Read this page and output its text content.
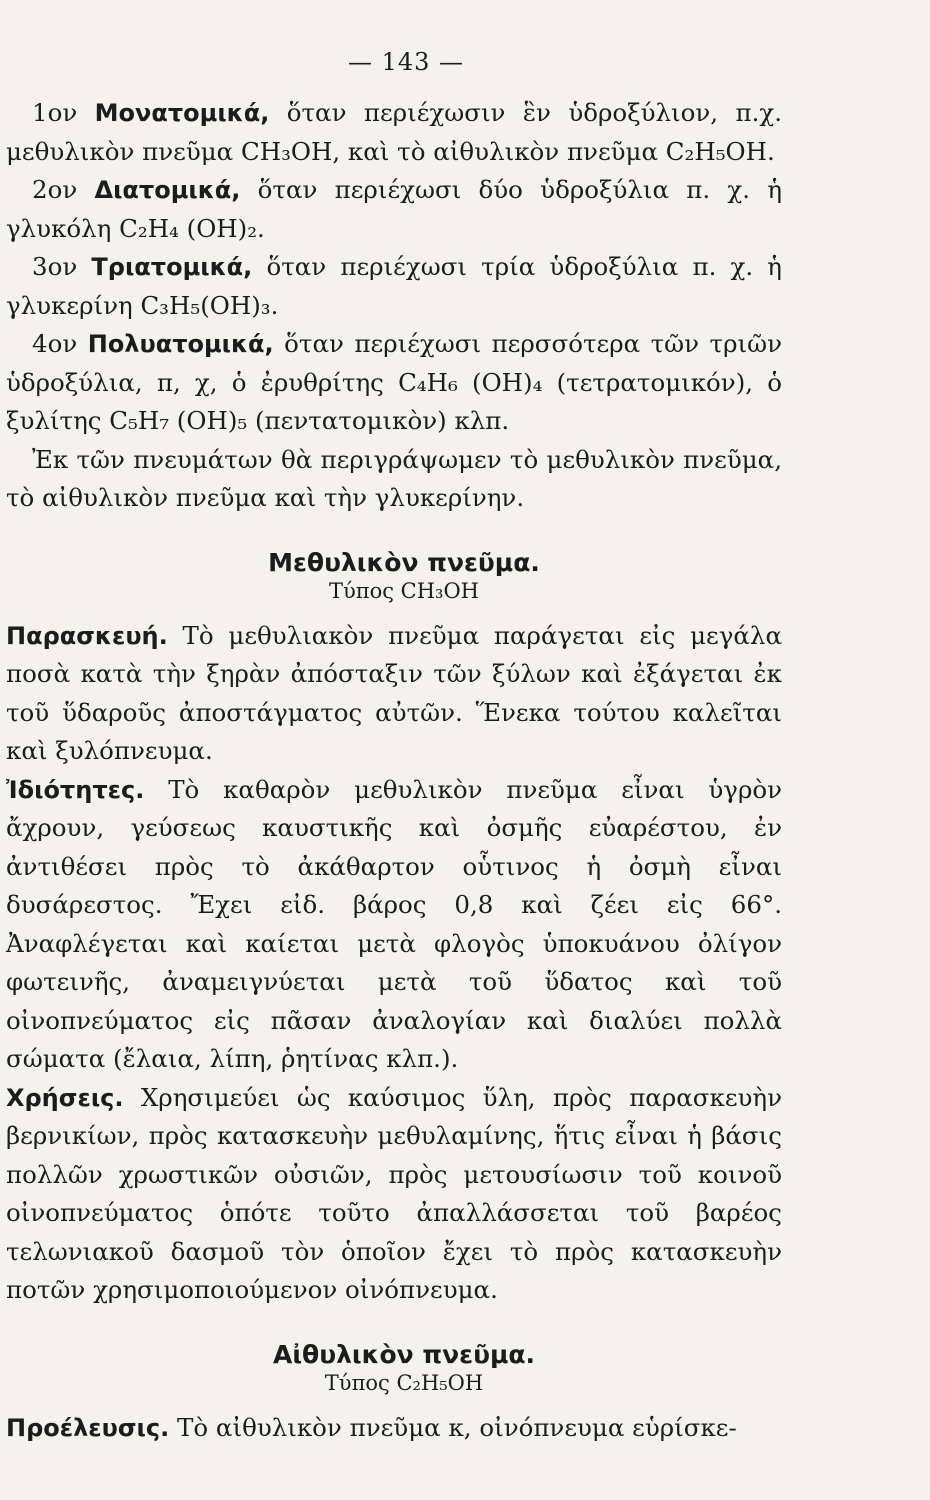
— 143 —

1ον Μονατομικά, ὅταν περιέχωσιν ἓν ὑδροξύλιον, π.χ. μεθυλικὸν πνεῦμα CH₃OH, καὶ τὸ αἰθυλικὸν πνεῦμα C₂H₅OH.

2ον Διατομικά, ὅταν περιέχωσι δύο ὑδροξύλια π. χ. ἡ γλυκόλη C₂H₄ (OH)₂.

3ον Τριατομικά, ὅταν περιέχωσι τρία ὑδροξύλια π. χ. ἡ γλυκερίνη C₃H₅(OH)₃.

4ον Πολυατομικά, ὅταν περιέχωσι περσσότερα τῶν τριῶν ὑδροξύλια, π, χ, ὁ ἐρυθρίτης C₄H₆ (OH)₄ (τετρατομικόν), ὁ ξυλίτης C₅H₇ (OH)₅ (πεντατομικὸν) κλπ.

Ἐκ τῶν πνευμάτων θὰ περιγράψωμεν τὸ μεθυλικὸν πνεῦμα, τὸ αἰθυλικὸν πνεῦμα καὶ τὴν γλυκερίνην.

Μεθυλικὸν πνεῦμα.
Τύπος CH₃OH

Παρασκευή. Τὸ μεθυλιακὸν πνεῦμα παράγεται εἰς μεγάλα ποσὰ κατὰ τὴν ξηρὰν ἀπόσταξιν τῶν ξύλων καὶ ἐξάγεται ἐκ τοῦ ὕδαροῦς ἀποστάγματος αὐτῶν. Ἕνεκα τούτου καλεῖται καὶ ξυλόπνευμα.

Ἰδιότητες. Τὸ καθαρὸν μεθυλικὸν πνεῦμα εἶναι ὑγρὸν ἄχρουν, γεύσεως καυστικῆς καὶ ὀσμῆς εὐαρέστου, ἐν ἀντιθέσει πρὸς τὸ ἀκάθαρτον οὗτινος ἡ ὀσμὴ εἶναι δυσάρεστος. Ἔχει εἰδ. βάρος 0,8 καὶ ζέει εἰς 66°. Ἀναφλέγεται καὶ καίεται μετὰ φλογὸς ὑποκυάνου ὀλίγον φωτεινῆς, ἀναμειγνύεται μετὰ τοῦ ὕδατος καὶ τοῦ οἰνοπνεύματος εἰς πᾶσαν ἀναλογίαν καὶ διαλύει πολλὰ σώματα (ἔλαια, λίπη, ῥητίνας κλπ.).

Χρήσεις. Χρησιμεύει ὡς καύσιμος ὕλη, πρὸς παρασκευὴν βερνικίων, πρὸς κατασκευὴν μεθυλαμίνης, ἥτις εἶναι ἡ βάσις πολλῶν χρωστικῶν οὐσιῶν, πρὸς μετουσίωσιν τοῦ κοινοῦ οἰνοπνεύματος ὁπότε τοῦτο ἀπαλλάσσεται τοῦ βαρέος τελωνιακοῦ δασμοῦ τὸν ὁποῖον ἔχει τὸ πρὸς κατασκευὴν ποτῶν χρησιμοποιούμενον οἰνόπνευμα.

Αἰθυλικὸν πνεῦμα.
Τύπος C₂H₅OH

Προέλευσις. Τὸ αἰθυλικὸν πνεῦμα κ, οἰνόπνευμα εὑρίσκε-
